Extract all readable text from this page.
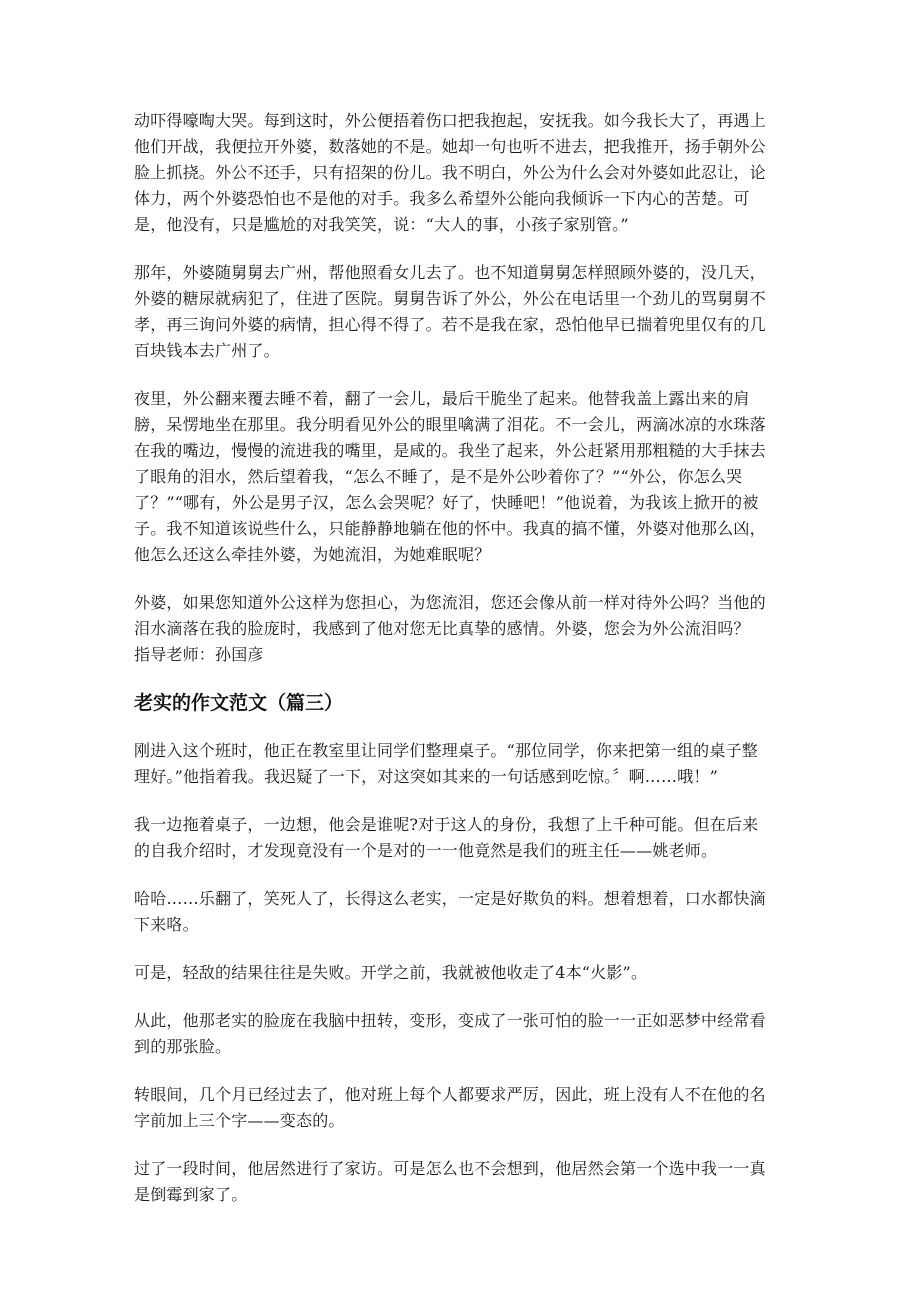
动吓得嚎啕大哭。每到这时，外公便捂着伤口把我抱起，安抚我。如今我长大了，再遇上他们开战，我便拉开外婆，数落她的不是。她却一句也听不进去，把我推开，扬手朝外公脸上抓挠。外公不还手，只有招架的份儿。我不明白，外公为什么会对外婆如此忍让，论体力，两个外婆恐怕也不是他的对手。我多么希望外公能向我倾诉一下内心的苦楚。可是，他没有，只是尴尬的对我笑笑，说：“大人的事，小孩子家别管。”

那年，外婆随舅舅去广州，帮他照看女儿去了。也不知道舅舅怎样照顾外婆的，没几天，外婆的糖尿就病犯了，住进了医院。舅舅告诉了外公，外公在电话里一个劲儿的骂舅舅不孝，再三询问外婆的病情，担心得不得了。若不是我在家，恐怕他早已揣着兜里仅有的几百块钱本去广州了。

夜里，外公翻来覆去睡不着，翻了一会儿，最后干脆坐了起来。他替我盖上露出来的肩膀，呆愣地坐在那里。我分明看见外公的眼里噙满了泪花。不一会儿，两滴冰凉的水珠落在我的嘴边，慢慢的流进我的嘴里，是咸的。我坐了起来，外公赶紧用那粗糙的大手抹去了眼角的泪水，然后望着我，“怎么不睡了，是不是外公吵着你了？”“外公，你怎么哭了？”“哪有，外公是男子汉，怎么会哭呢？好了，快睡吧！”他说着，为我该上掀开的被子。我不知道该说些什么，只能静静地躺在他的怀中。我真的搞不懂，外婆对他那么凶，他怎么还这么牵挂外婆，为她流泪，为她难眠呢？

外婆，如果您知道外公这样为您担心，为您流泪，您还会像从前一样对待外公吗？当他的泪水滴落在我的脸庞时，我感到了他对您无比真挚的感情。外婆，您会为外公流泪吗？

指导老师：孙国彦

老实的作文范文（篇三）

刚进入这个班时，他正在教室里让同学们整理桌子。“那位同学，你来把第一组的桌子整理好。”他指着我。我迟疑了一下，对这突如其来的一句话感到吃惊。〞啊……哦！”

我一边拖着桌子，一边想，他会是谁呢?对于这人的身份，我想了上千种可能。但在后来的自我介绍时，才发现竟没有一个是对的一一他竟然是我们的班主任——姚老师。

哈哈……乐翻了，笑死人了，长得这么老实，一定是好欺负的料。想着想着，口水都快滴下来咯。

可是，轻敌的结果往往是失败。开学之前，我就被他收走了4本“火影”。

从此，他那老实的脸庞在我脑中扭转，变形，变成了一张可怕的脸一一正如恶梦中经常看到的那张脸。

转眼间，几个月已经过去了，他对班上每个人都要求严厉，因此，班上没有人不在他的名字前加上三个字——变态的。

过了一段时间，他居然进行了家访。可是怎么也不会想到，他居然会第一个选中我一一真是倒霉到家了。
